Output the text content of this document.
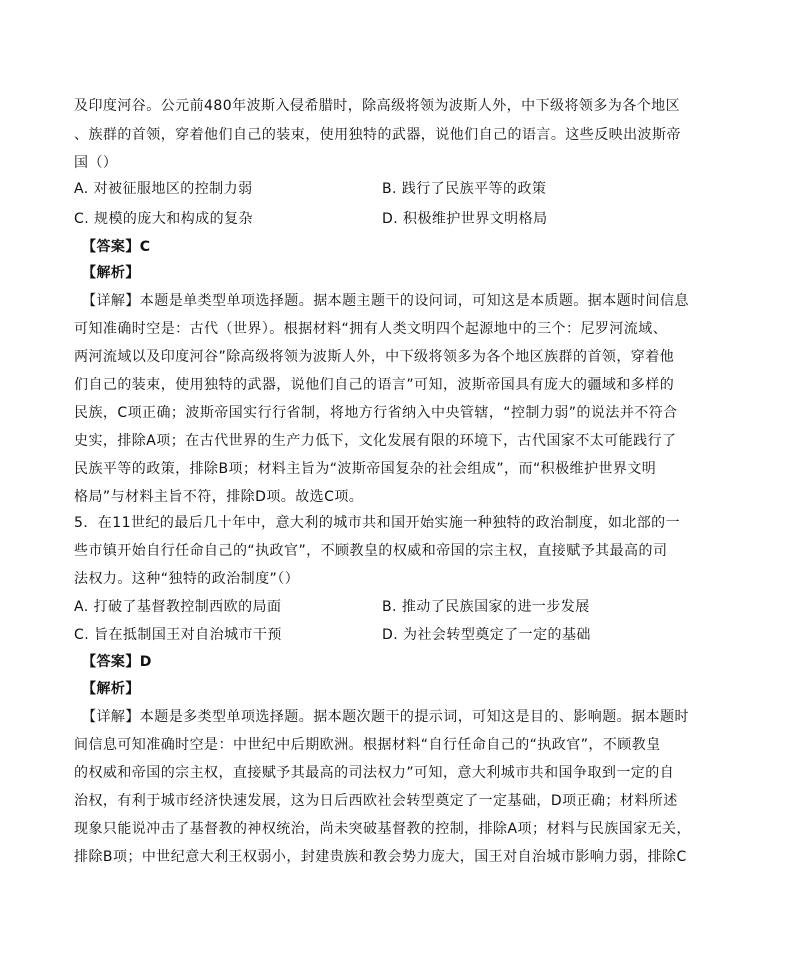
及印度河谷。公元前480年波斯入侵希腊时，除高级将领为波斯人外，中下级将领多为各个地区
、族群的首领，穿着他们自己的装束，使用独特的武器，说他们自己的语言。这些反映出波斯帝
国（）
A. 对被征服地区的控制力弱	B. 践行了民族平等的政策
C. 规模的庞大和构成的复杂	D. 积极维护世界文明格局
【答案】C
【解析】
【详解】本题是单类型单项选择题。据本题主题干的设问词，可知这是本质题。据本题时间信息
可知准确时空是：古代（世界）。根据材料“拥有人类文明四个起源地中的三个：尼罗河流域、
两河流域以及印度河谷”除高级将领为波斯人外，中下级将领多为各个地区族群的首领，穿着他
们自己的装束，使用独特的武器，说他们自己的语言”可知，波斯帝国具有庞大的疆域和多样的
民族，C项正确；波斯帝国实行行省制，将地方行省纳入中央管辖，“控制力弱”的说法并不符合
史实，排除A项；在古代世界的生产力低下，文化发展有限的环境下，古代国家不太可能践行了
民族平等的政策，排除B项；材料主旨为“波斯帝国复杂的社会组成”，而“积极维护世界文明
格局”与材料主旨不符，排除D项。故选C项。
5．在11世纪的最后几十年中，意大利的城市共和国开始实施一种独特的政治制度，如北部的一
些市镇开始自行任命自己的“执政官”，不顾教皇的权威和帝国的宗主权，直接赋予其最高的司
法权力。这种“独特的政治制度”（）
A. 打破了基督教控制西欧的局面	B. 推动了民族国家的进一步发展
C. 旨在抵制国王对自治城市干预	D. 为社会转型奠定了一定的基础
【答案】D
【解析】
【详解】本题是多类型单项选择题。据本题次题干的提示词，可知这是目的、影响题。据本题时
间信息可知准确时空是：中世纪中后期欧洲。根据材料“自行任命自己的“执政官”，不顾教皇
的权威和帝国的宗主权，直接赋予其最高的司法权力”可知，意大利城市共和国争取到一定的自
治权，有利于城市经济快速发展，这为日后西欧社会转型奠定了一定基础，D项正确；材料所述
现象只能说冲击了基督教的神权统治，尚未突破基督教的控制，排除A项；材料与民族国家无关，
排除B项；中世纪意大利王权弱小，封建贵族和教会势力庞大，国王对自治城市影响力弱，排除C
